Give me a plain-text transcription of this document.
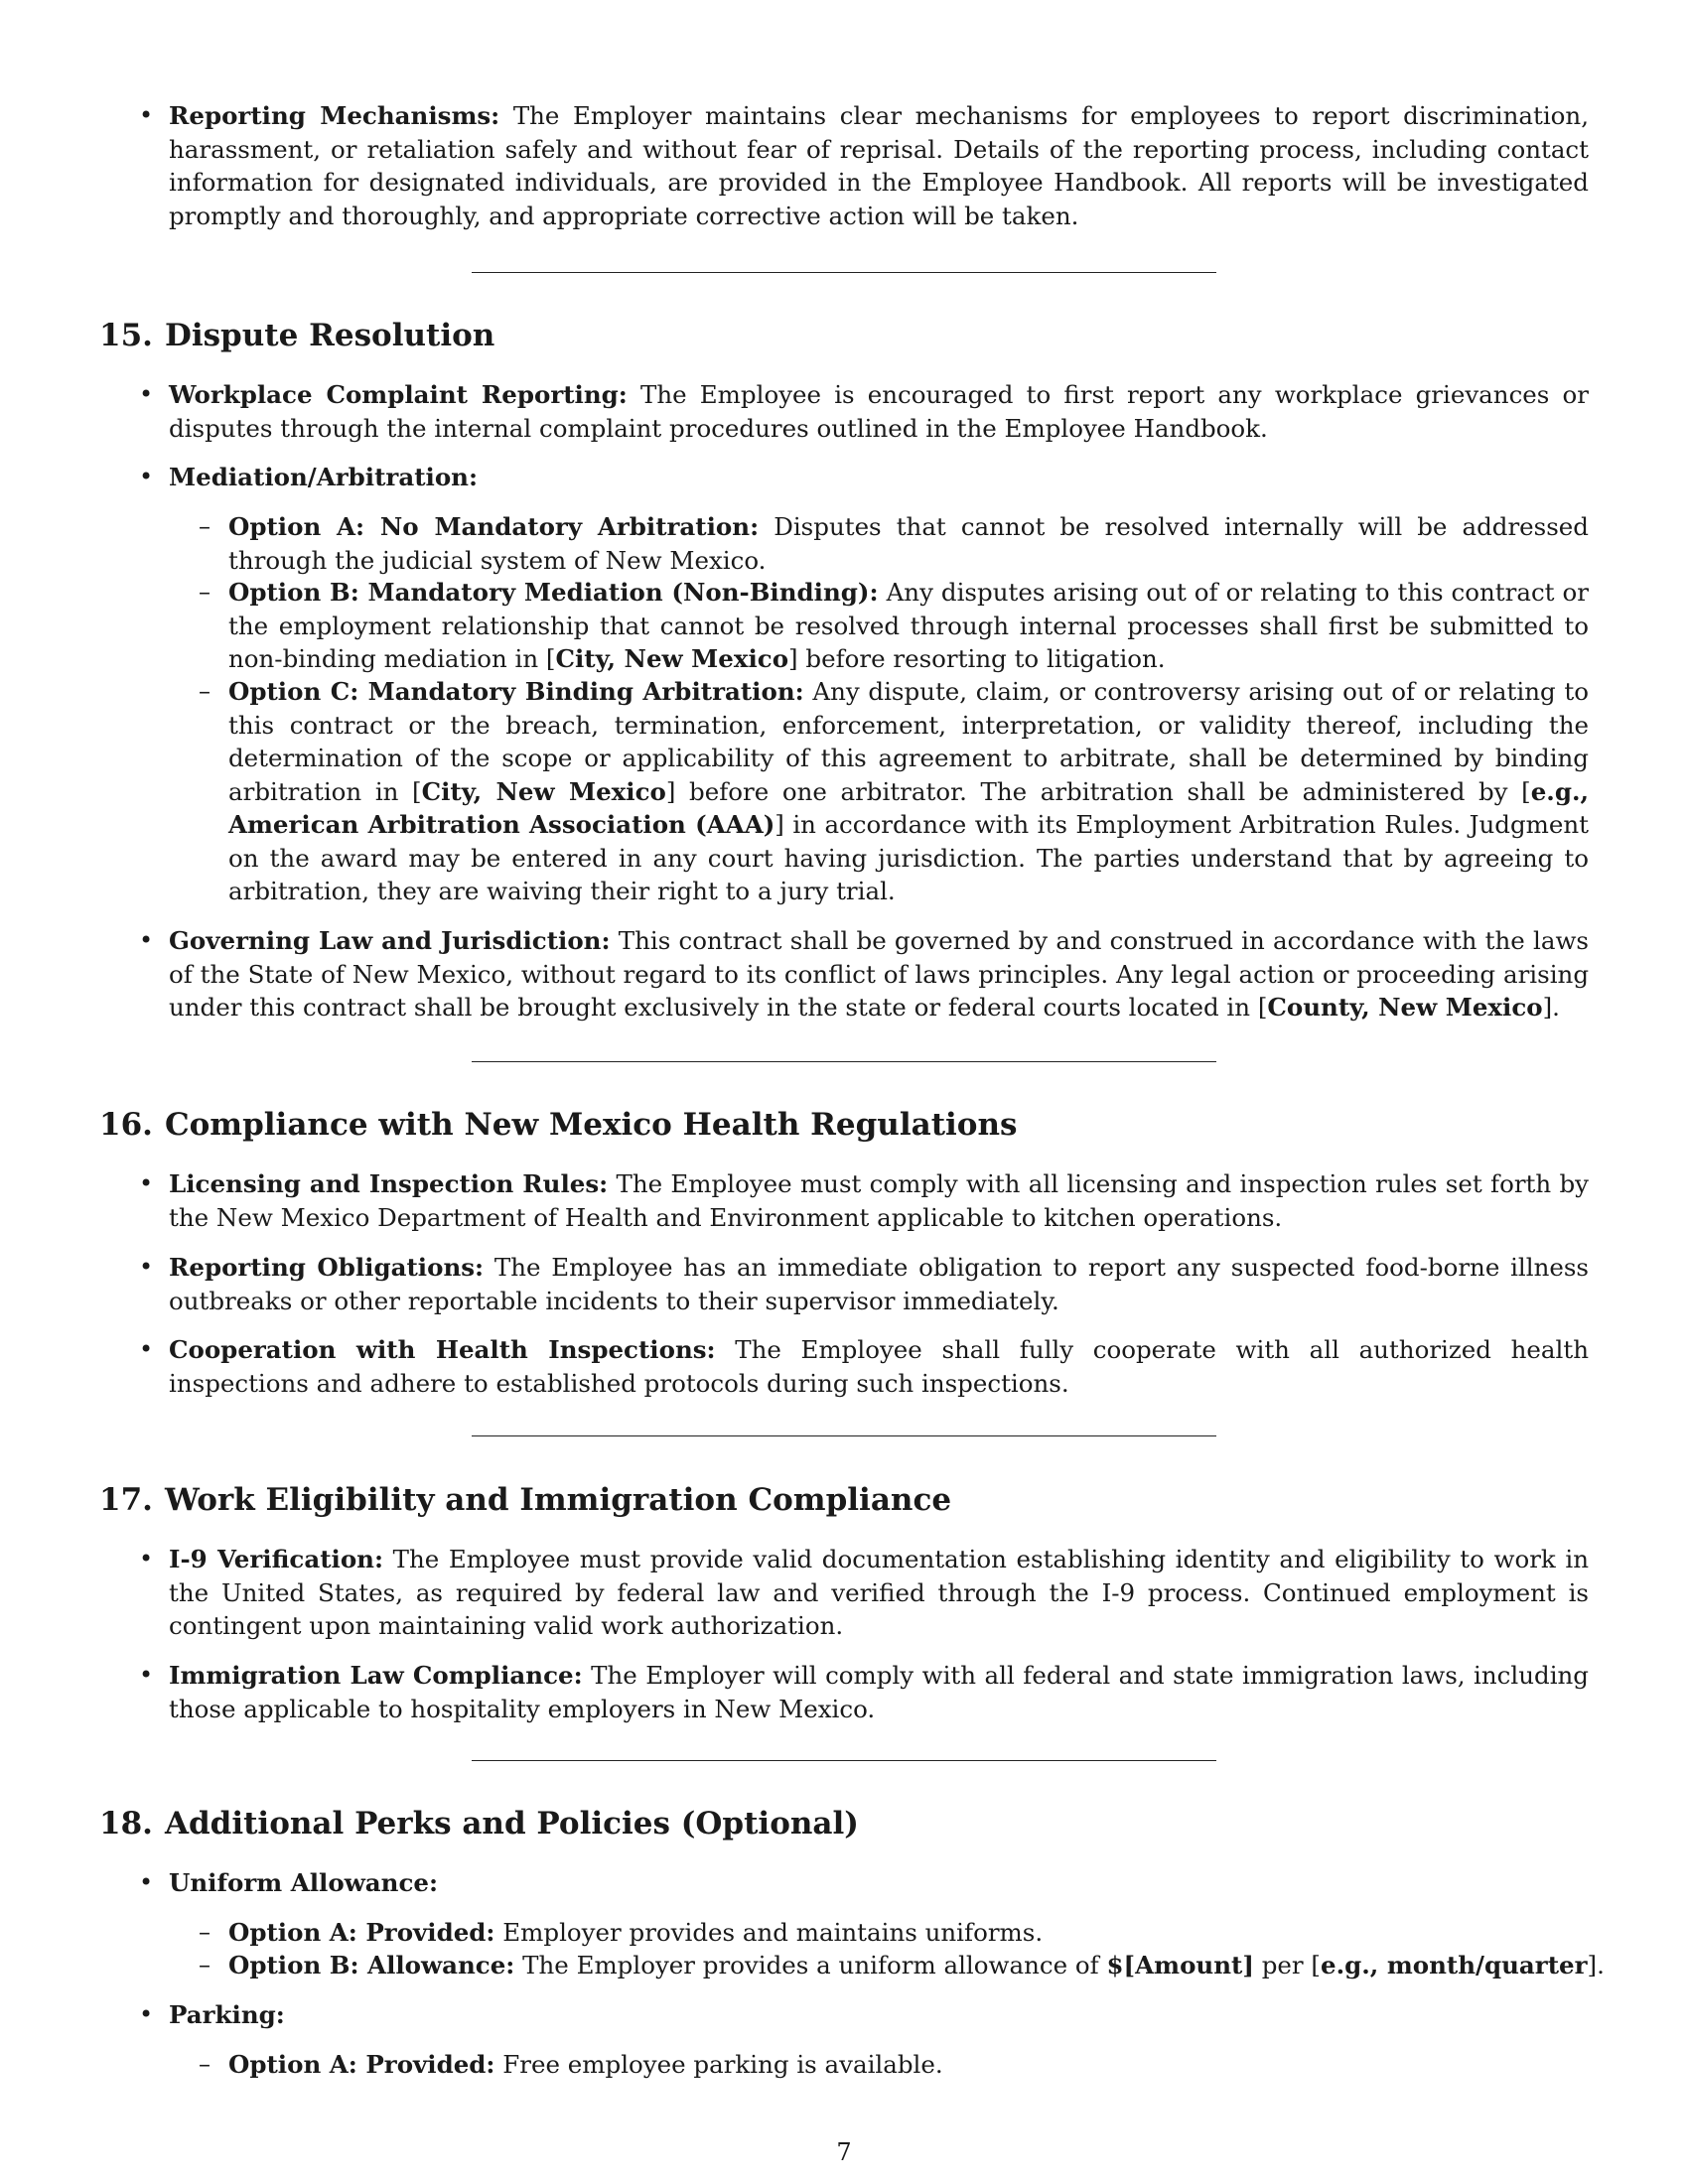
• Reporting Mechanisms: The Employer maintains clear mechanisms for employees to report discrimination, harassment, or retaliation safely and without fear of reprisal. Details of the reporting process, including contact information for designated individuals, are provided in the Employee Handbook. All reports will be investigated promptly and thoroughly, and appropriate corrective action will be taken.

15. Dispute Resolution
• Workplace Complaint Reporting: The Employee is encouraged to first report any workplace grievances or disputes through the internal complaint procedures outlined in the Employee Handbook.

• Mediation/Arbitration:

– Option A: No Mandatory Arbitration: Disputes that cannot be resolved internally will be addressed through the judicial system of New Mexico.

– Option B: Mandatory Mediation (Non-Binding): Any disputes arising out of or relating to this contract or the employment relationship that cannot be resolved through internal processes shall first be submitted to non-binding mediation in [City, New Mexico] before resorting to litigation.

– Option C: Mandatory Binding Arbitration: Any dispute, claim, or controversy arising out of or relating to this contract or the breach, termination, enforcement, interpretation, or validity thereof, including the determination of the scope or applicability of this agreement to arbitrate, shall be determined by binding arbitration in [City, New Mexico] before one arbitrator. The arbitration shall be administered by [e.g., American Arbitration Association (AAA)] in accordance with its Employment Arbitration Rules. Judgment on the award may be entered in any court having jurisdiction. The parties understand that by agreeing to arbitration, they are waiving their right to a jury trial.

• Governing Law and Jurisdiction: This contract shall be governed by and construed in accordance with the laws of the State of New Mexico, without regard to its conflict of laws principles. Any legal action or proceeding arising under this contract shall be brought exclusively in the state or federal courts located in [County, New Mexico].

16. Compliance with New Mexico Health Regulations
• Licensing and Inspection Rules: The Employee must comply with all licensing and inspection rules set forth by the New Mexico Department of Health and Environment applicable to kitchen operations.

• Reporting Obligations: The Employee has an immediate obligation to report any suspected food-borne illness outbreaks or other reportable incidents to their supervisor immediately.

• Cooperation with Health Inspections: The Employee shall fully cooperate with all authorized health inspections and adhere to established protocols during such inspections.

17. Work Eligibility and Immigration Compliance
• I-9 Verification: The Employee must provide valid documentation establishing identity and eligibility to work in the United States, as required by federal law and verified through the I-9 process. Continued employment is contingent upon maintaining valid work authorization.

• Immigration Law Compliance: The Employer will comply with all federal and state immigration laws, including those applicable to hospitality employers in New Mexico.

18. Additional Perks and Policies (Optional)
• Uniform Allowance:

– Option A: Provided: Employer provides and maintains uniforms.

– Option B: Allowance: The Employer provides a uniform allowance of $[Amount] per [e.g., month/quarter].

• Parking:

– Option A: Provided: Free employee parking is available.

7
